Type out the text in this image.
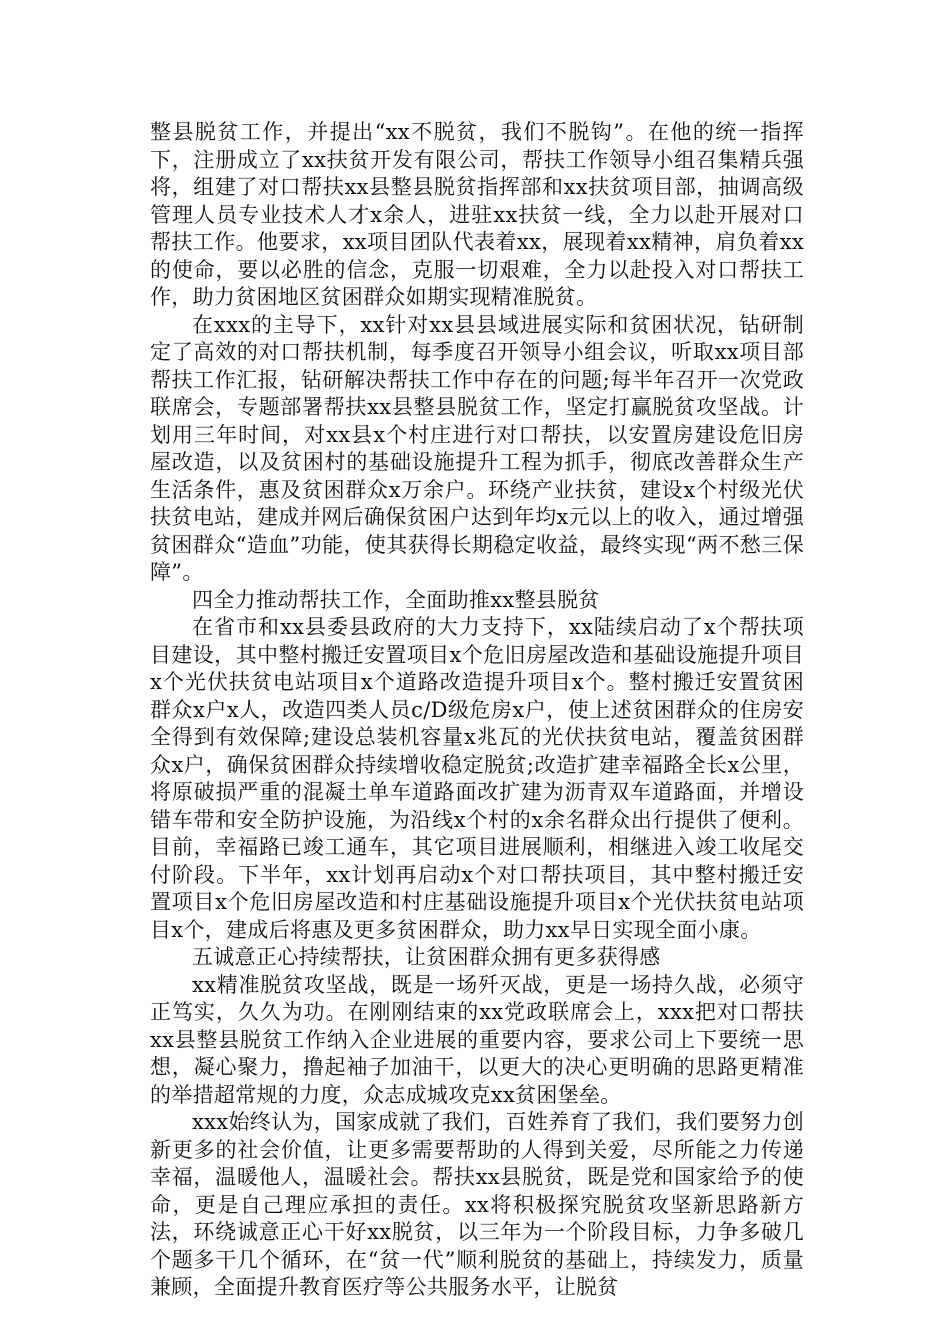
整县脱贫工作，并提出“xx不脱贫，我们不脱钩”。在他的统一指挥下，注册成立了xx扶贫开发有限公司，帮扶工作领导小组召集精兵强将，组建了对口帮扶xx县整县脱贫指挥部和xx扶贫项目部，抽调高级管理人员专业技术人才x余人，进驻xx扶贫一线，全力以赴开展对口帮扶工作。他要求，xx项目团队代表着xx，展现着xx精神，肩负着xx的使命，要以必胜的信念，克服一切艰难，全力以赴投入对口帮扶工作，助力贫困地区贫困群众如期实现精准脱贫。

在xxx的主导下，xx针对xx县县域进展实际和贫困状况，钻研制定了高效的对口帮扶机制，每季度召开领导小组会议，听取xx项目部帮扶工作汇报，钻研解决帮扶工作中存在的问题;每半年召开一次党政联席会，专题部署帮扶xx县整县脱贫工作，坚定打赢脱贫攻坚战。计划用三年时间，对xx县x个村庄进行对口帮扶，以安置房建设危旧房屋改造，以及贫困村的基础设施提升工程为抓手，彻底改善群众生产生活条件，惠及贫困群众x万余户。环绕产业扶贫，建设x个村级光伏扶贫电站，建成并网后确保贫困户达到年均x元以上的收入，通过增强贫困群众“造血”功能，使其获得长期稳定收益，最终实现“两不愁三保障”。

四全力推动帮扶工作，全面助推xx整县脱贫

在省市和xx县委县政府的大力支持下，xx陆续启动了x个帮扶项目建设，其中整村搬迁安置项目x个危旧房屋改造和基础设施提升项目x个光伏扶贫电站项目x个道路改造提升项目x个。整村搬迁安置贫困群众x户x人，改造四类人员c/D级危房x户，使上述贫困群众的住房安全得到有效保障;建设总装机容量x兆瓦的光伏扶贫电站，覆盖贫困群众x户，确保贫困群众持续增收稳定脱贫;改造扩建幸福路全长x公里，将原破损严重的混凝土单车道路面改扩建为沥青双车道路面，并增设错车带和安全防护设施，为沿线x个村的x余名群众出行提供了便利。目前，幸福路已竣工通车，其它项目进展顺利，相继进入竣工收尾交付阶段。下半年，xx计划再启动x个对口帮扶项目，其中整村搬迁安置项目x个危旧房屋改造和村庄基础设施提升项目x个光伏扶贫电站项目x个，建成后将惠及更多贫困群众，助力xx早日实现全面小康。

五诚意正心持续帮扶，让贫困群众拥有更多获得感

xx精准脱贫攻坚战，既是一场歼灭战，更是一场持久战，必须守正笃实，久久为功。在刚刚结束的xx党政联席会上，xxx把对口帮扶xx县整县脱贫工作纳入企业进展的重要内容，要求公司上下要统一思想，凝心聚力，撸起袖子加油干，以更大的决心更明确的思路更精准的举措超常规的力度，众志成城攻克xx贫困堡垒。

xxx始终认为，国家成就了我们，百姓养育了我们，我们要努力创新更多的社会价值，让更多需要帮助的人得到关爱，尽所能之力传递幸福，温暖他人，温暖社会。帮扶xx县脱贫，既是党和国家给予的使命，更是自己理应承担的责任。xx将积极探究脱贫攻坚新思路新方法，环绕诚意正心干好xx脱贫，以三年为一个阶段目标，力争多破几个题多干几个循环，在“贫一代”顺利脱贫的基础上，持续发力，质量兼顾，全面提升教育医疗等公共服务水平，让脱贫
